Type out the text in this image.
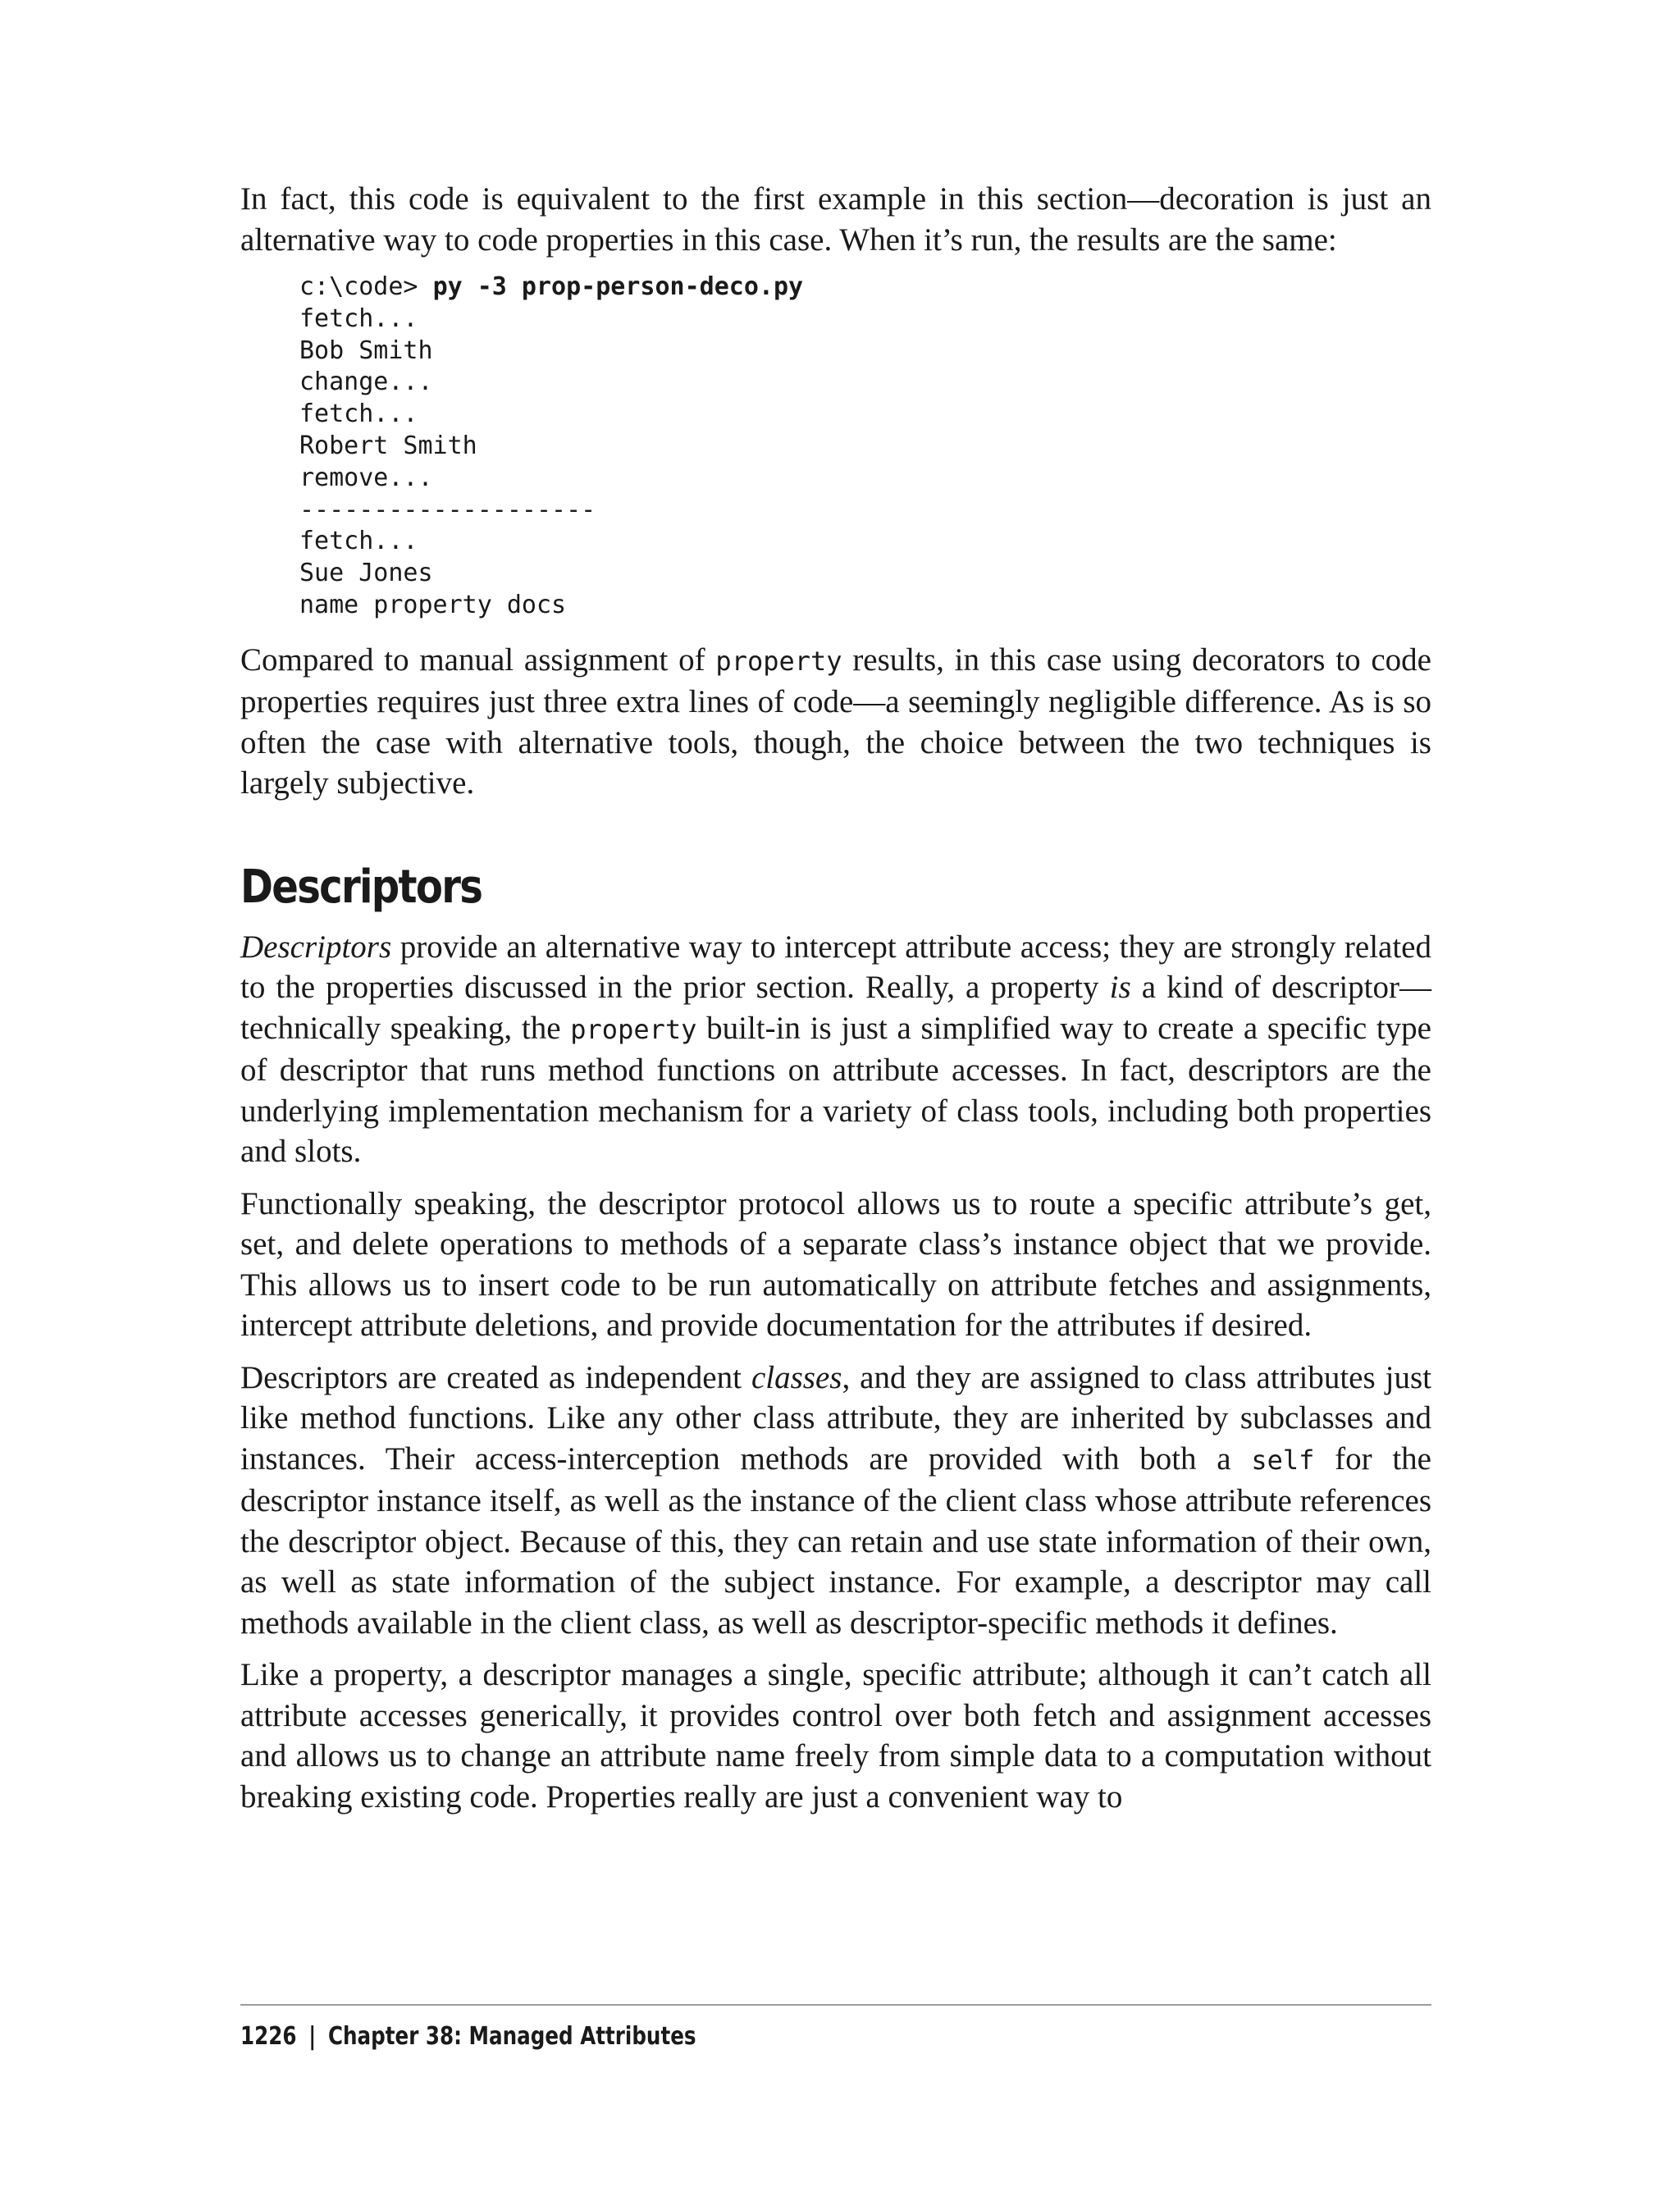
In fact, this code is equivalent to the first example in this section—decoration is just an alternative way to code properties in this case. When it’s run, the results are the same:

c:\code> py -3 prop-person-deco.py
fetch...
Bob Smith
change...
fetch...
Robert Smith
remove...
--------------------
fetch...
Sue Jones
name property docs

Compared to manual assignment of property results, in this case using decorators to code properties requires just three extra lines of code—a seemingly negligible difference. As is so often the case with alternative tools, though, the choice between the two techniques is largely subjective.

Descriptors

Descriptors provide an alternative way to intercept attribute access; they are strongly related to the properties discussed in the prior section. Really, a property is a kind of descriptor—technically speaking, the property built-in is just a simplified way to create a specific type of descriptor that runs method functions on attribute accesses. In fact, descriptors are the underlying implementation mechanism for a variety of class tools, including both properties and slots.

Functionally speaking, the descriptor protocol allows us to route a specific attribute’s get, set, and delete operations to methods of a separate class’s instance object that we provide. This allows us to insert code to be run automatically on attribute fetches and assignments, intercept attribute deletions, and provide documentation for the attributes if desired.

Descriptors are created as independent classes, and they are assigned to class attributes just like method functions. Like any other class attribute, they are inherited by subclasses and instances. Their access-interception methods are provided with both a self for the descriptor instance itself, as well as the instance of the client class whose attribute references the descriptor object. Because of this, they can retain and use state information of their own, as well as state information of the subject instance. For example, a descriptor may call methods available in the client class, as well as descriptor-specific methods it defines.

Like a property, a descriptor manages a single, specific attribute; although it can’t catch all attribute accesses generically, it provides control over both fetch and assignment accesses and allows us to change an attribute name freely from simple data to a computation without breaking existing code. Properties really are just a convenient way to

1226 | Chapter 38: Managed Attributes
